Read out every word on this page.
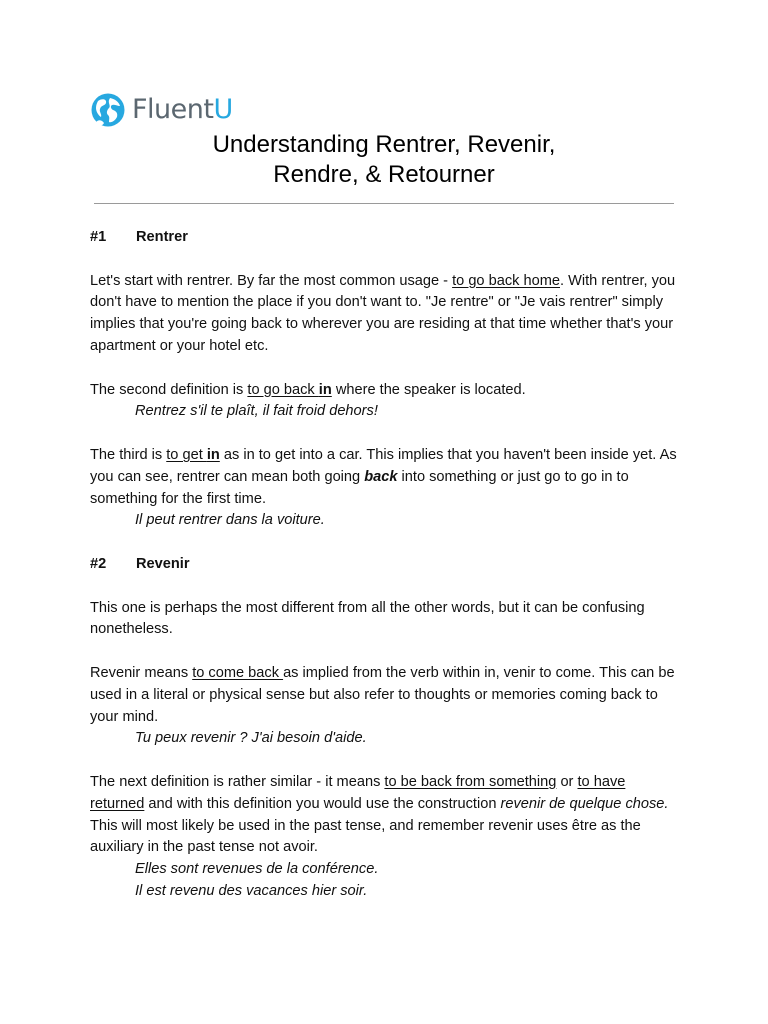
FluentU
Understanding Rentrer, Revenir,
Rendre, & Retourner

#1 Rentrer

Let's start with rentrer. By far the most common usage - to go back home. With rentrer, you don't have to mention the place if you don't want to. "Je rentre" or "Je vais rentrer" simply implies that you're going back to wherever you are residing at that time whether that's your apartment or your hotel etc.

The second definition is to go back in where the speaker is located.

Rentrez s'il te plaît, il fait froid dehors!

The third is to get in as in to get into a car. This implies that you haven't been inside yet. As you can see, rentrer can mean both going back into something or just go to go in to something for the first time.

Il peut rentrer dans la voiture.

#2 Revenir

This one is perhaps the most different from all the other words, but it can be confusing nonetheless.

Revenir means to come back as implied from the verb within in, venir to come. This can be used in a literal or physical sense but also refer to thoughts or memories coming back to your mind.

Tu peux revenir ? J'ai besoin d'aide.

The next definition is rather similar - it means to be back from something or to have returned and with this definition you would use the construction revenir de quelque chose. This will most likely be used in the past tense, and remember revenir uses être as the auxiliary in the past tense not avoir.

Elles sont revenues de la conférence.

Il est revenu des vacances hier soir.
